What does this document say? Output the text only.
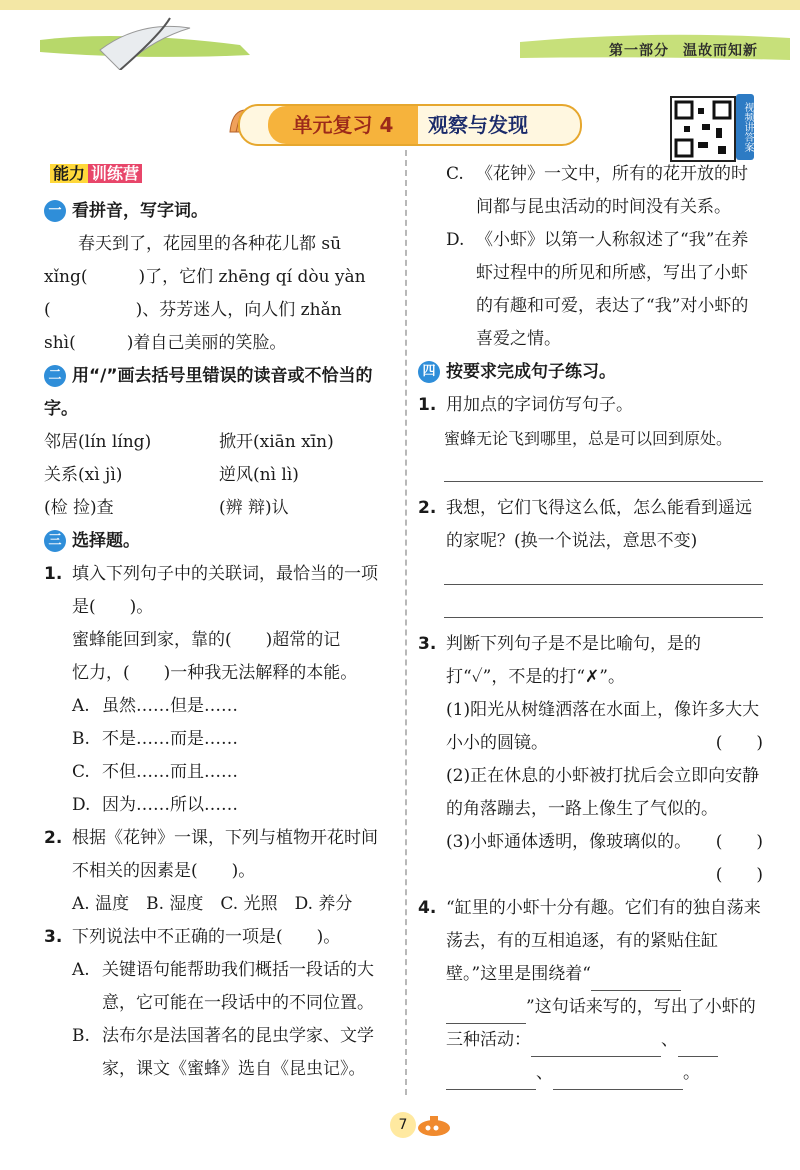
第一部分 温故而知新
单元复习 4	观察与发现	视频讲答案
能力 训练营
一 看拼音，写字词。
春天到了，花园里的各种花儿都 sū
xǐng(　　　)了，它们 zhēng qí dòu yàn
(　　　　　)、芬芳迷人，向人们 zhǎn
shì(　　　)着自己美丽的笑脸。
二 用“/”画去括号里错误的读音或不恰当的字。
邻居(lín líng)	掀开(xiān xīn)
关系(xì jì)	逆风(nì lì)
(检 捡)查	(辨 辩)认
三 选择题。
1. 填入下列句子中的关联词，最恰当的一项是(　　)。
蜜蜂能回到家，靠的(　　)超常的记
忆力，(　　)一种我无法解释的本能。
A. 虽然……但是……
B. 不是……而是……
C. 不但……而且……
D. 因为……所以……
2. 根据《花钟》一课，下列与植物开花时间不相关的因素是(　　)。
A. 温度　B. 湿度　C. 光照　D. 养分
3. 下列说法中不正确的一项是(　　)。
A. 关键语句能帮助我们概括一段话的大意，它可能在一段话中的不同位置。
B. 法布尔是法国著名的昆虫学家、文学家，课文《蜜蜂》选自《昆虫记》。
C. 《花钟》一文中，所有的花开放的时间都与昆虫活动的时间没有关系。
D. 《小虾》以第一人称叙述了“我”在养虾过程中的所见和所感，写出了小虾的有趣和可爱，表达了“我”对小虾的喜爱之情。
四 按要求完成句子练习。
1. 用加点的字词仿写句子。
蜜蜂无论飞到哪里，总是可以回到原处。
2. 我想，它们飞得这么低，怎么能看到遥远的家呢？(换一个说法，意思不变)
3. 判断下列句子是不是比喻句，是的打“✓”，不是的打“✗”。
(1)阳光从树缝洒落在水面上，像许多大大小小的圆镜。	(　　)
(2)正在休息的小虾被打扰后会立即向安静的角落蹦去，一路上像生了气似的。
(　　)
(3)小虾通体透明，像玻璃似的。
(　　)
4. “缸里的小虾十分有趣。它们有的独自荡来荡去，有的互相追逐，有的紧贴住缸壁。”这里是围绕着“ ”这句话来写的，写出了小虾的三种活动：	、
、	。
7
